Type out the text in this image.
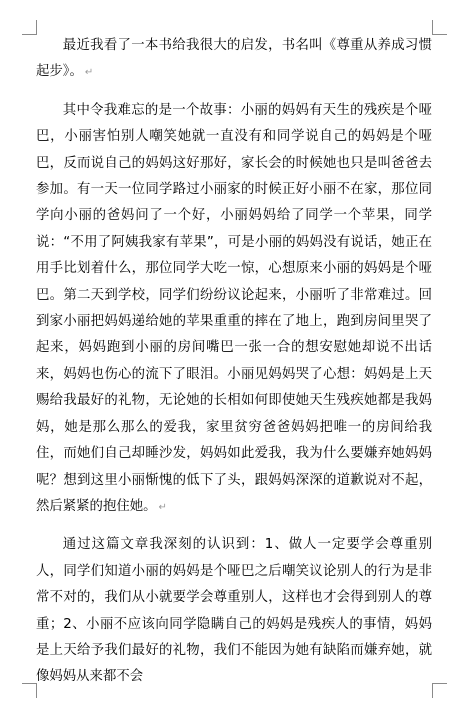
最近我看了一本书给我很大的启发，书名叫《尊重从养成习惯起步》。 ↵

其中令我难忘的是一个故事：小丽的妈妈有天生的残疾是个哑巴，小丽害怕别人嘲笑她就一直没有和同学说自己的妈妈是个哑巴，反而说自己的妈妈这好那好，家长会的时候她也只是叫爸爸去参加。有一天一位同学路过小丽家的时候正好小丽不在家，那位同学向小丽的爸妈问了一个好，小丽妈妈给了同学一个苹果，同学说：“不用了阿姨我家有苹果”，可是小丽的妈妈没有说话，她正在用手比划着什么，那位同学大吃一惊，心想原来小丽的妈妈是个哑巴。第二天到学校，同学们纷纷议论起来，小丽听了非常难过。回到家小丽把妈妈递给她的苹果重重的摔在了地上，跑到房间里哭了起来，妈妈跑到小丽的房间嘴巴一张一合的想安慰她却说不出话来，妈妈也伤心的流下了眼泪。小丽见妈妈哭了心想：妈妈是上天赐给我最好的礼物，无论她的长相如何即使她天生残疾她都是我妈妈，她是那么那么的爱我，家里贫穷爸爸妈妈把唯一的房间给我住，而她们自己却睡沙发，妈妈如此爱我，我为什么要嫌弃她妈妈呢？想到这里小丽惭愧的低下了头，跟妈妈深深的道歉说对不起，然后紧紧的抱住她。 ↵

通过这篇文章我深刻的认识到：1、做人一定要学会尊重别人，同学们知道小丽的妈妈是个哑巴之后嘲笑议论别人的行为是非常不对的，我们从小就要学会尊重别人，这样也才会得到别人的尊重；2、小丽不应该向同学隐瞒自己的妈妈是残疾人的事情，妈妈是上天给予我们最好的礼物，我们不能因为她有缺陷而嫌弃她，就像妈妈从来都不会
